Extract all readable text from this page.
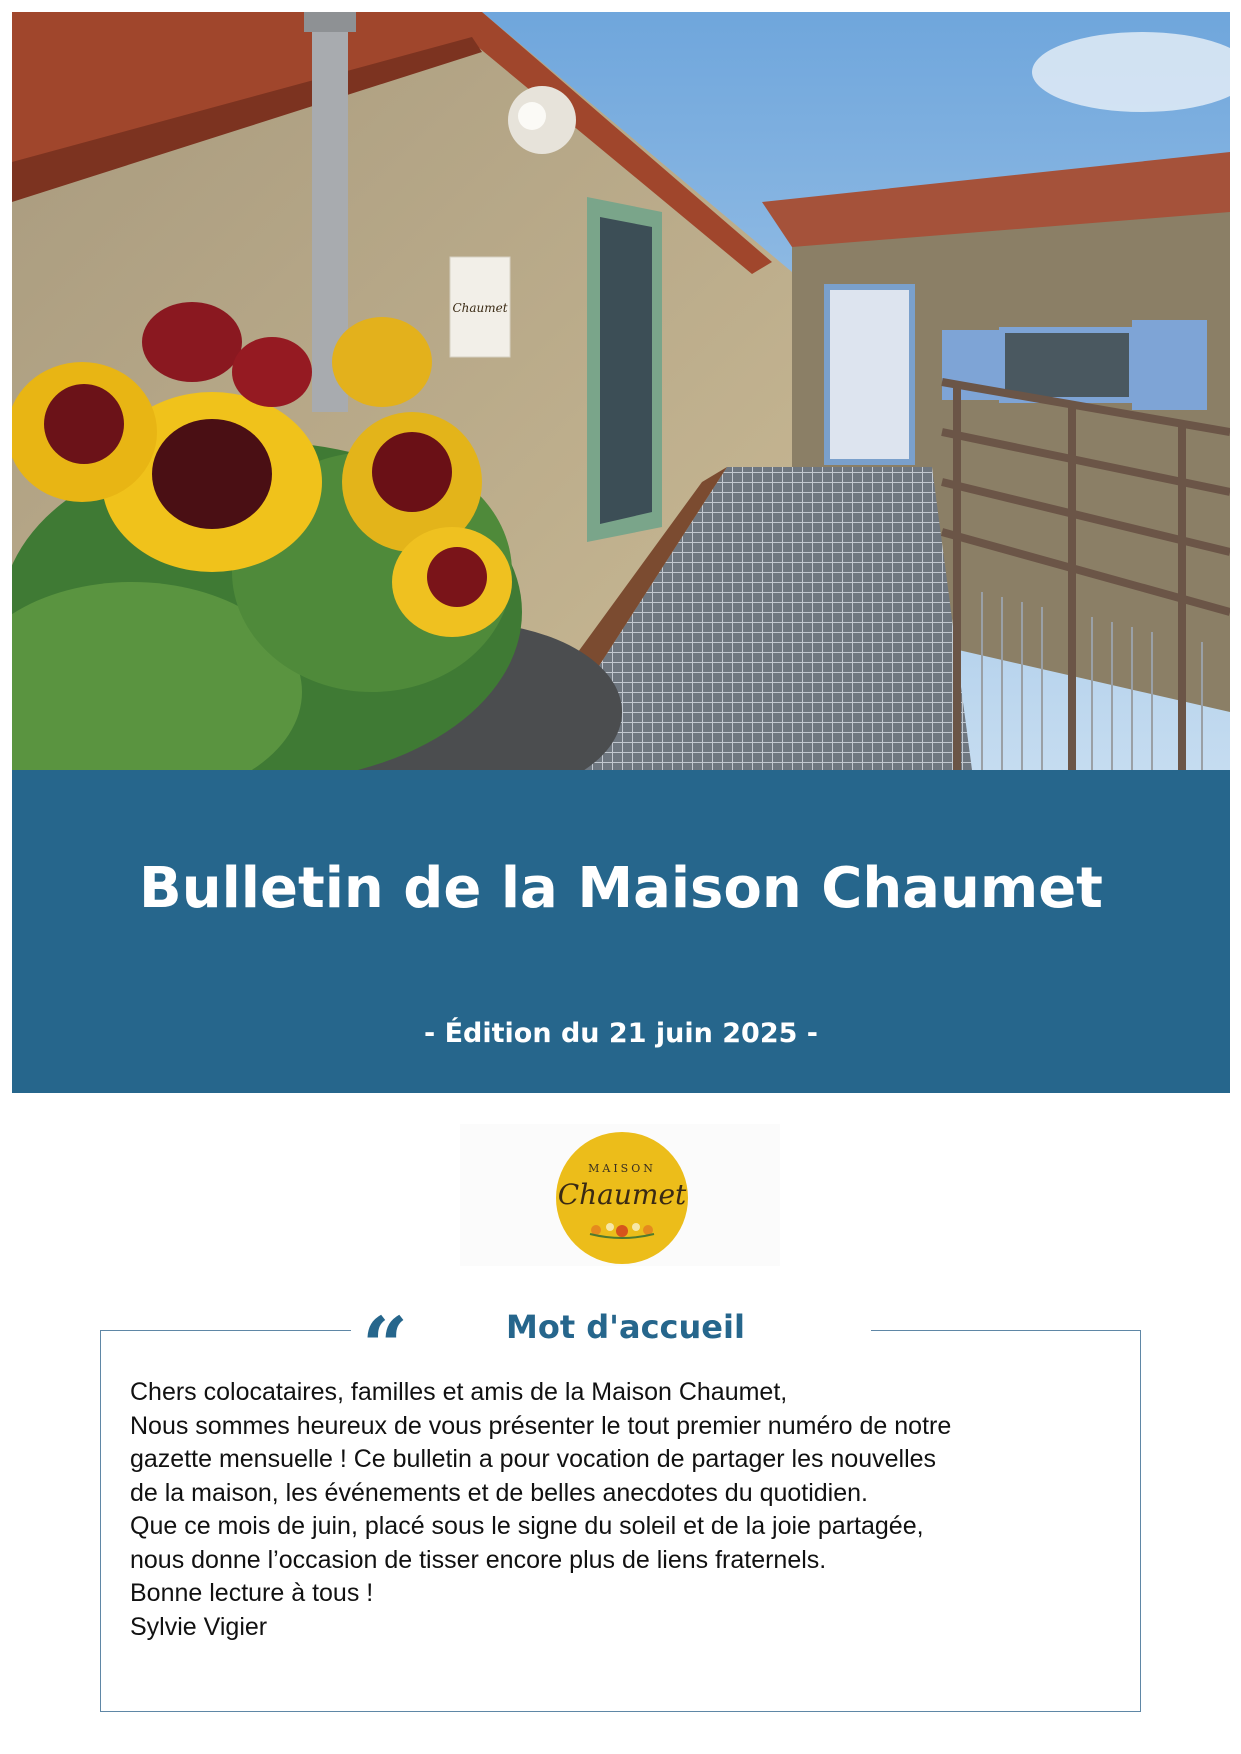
Chaumet
Bulletin de la Maison Chaumet
- Édition du 21 juin 2025 -
MAISON
Chaumet
“	Mot d'accueil
Chers colocataires, familles et amis de la Maison Chaumet,
Nous sommes heureux de vous présenter le tout premier numéro de notre
gazette mensuelle ! Ce bulletin a pour vocation de partager les nouvelles
de la maison, les événements et de belles anecdotes du quotidien.
Que ce mois de juin, placé sous le signe du soleil et de la joie partagée,
nous donne l’occasion de tisser encore plus de liens fraternels.
Bonne lecture à tous !
Sylvie Vigier
